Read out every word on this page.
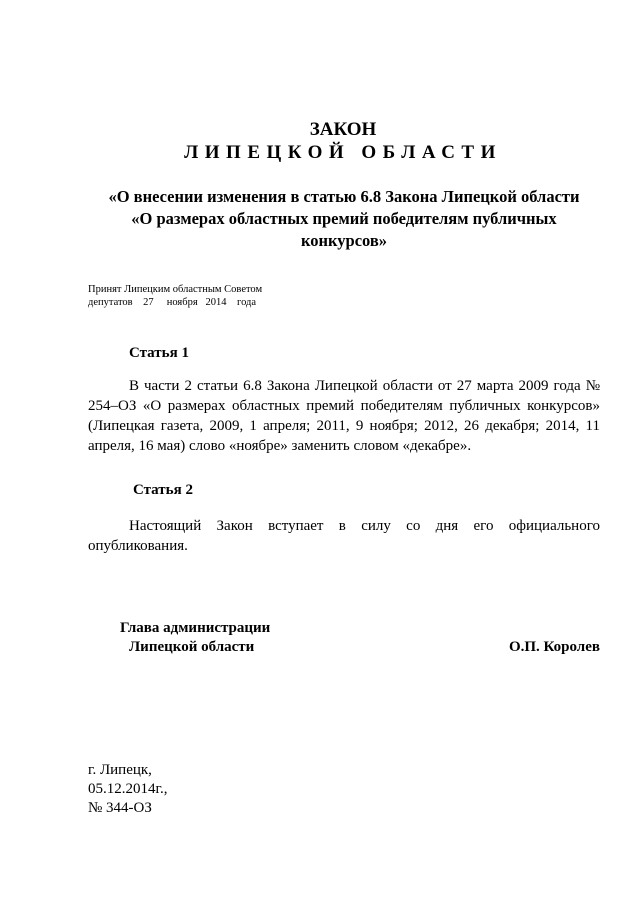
ЗАКОН
ЛИПЕЦКОЙ ОБЛАСТИ
«О внесении изменения в статью 6.8 Закона Липецкой области
«О размерах областных премий победителям публичных
конкурсов»
Принят Липецким областным Советом
депутатов    27     ноября   2014    года
Статья 1
В части 2 статьи 6.8 Закона Липецкой области от 27 марта 2009 года №
254–ОЗ «О размерах областных премий победителям публичных конкурсов»
(Липецкая газета, 2009, 1 апреля; 2011, 9 ноября; 2012, 26 декабря; 2014, 11
апреля, 16 мая) слово «ноябре» заменить словом «декабре».
Статья 2
Настоящий Закон вступает в силу со дня его официального
опубликования.
Глава администрации
Липецкой области	О.П. Королев
г. Липецк,
05.12.2014г.,
№ 344-ОЗ
